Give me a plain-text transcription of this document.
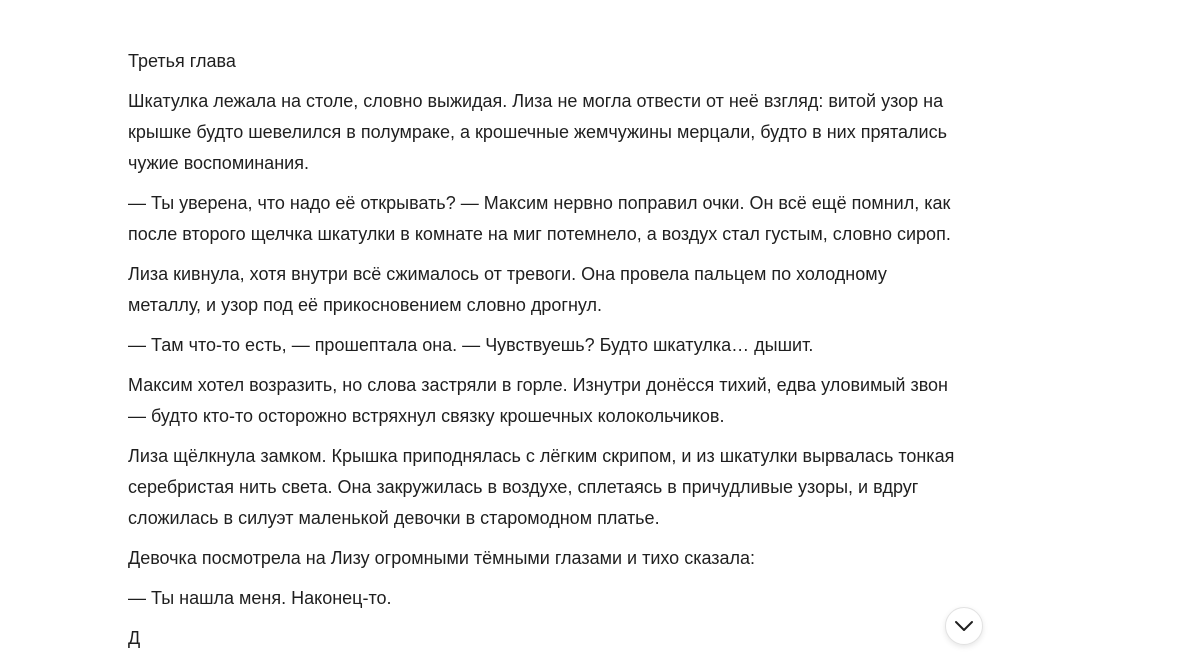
Третья глава

Шкатулка лежала на столе, словно выжидая. Лиза не могла отвести от неё взгляд: витой узор на крышке будто шевелился в полумраке, а крошечные жемчужины мерцали, будто в них прятались чужие воспоминания.

— Ты уверена, что надо её открывать? — Максим нервно поправил очки. Он всё ещё помнил, как после второго щелчка шкатулки в комнате на миг потемнело, а воздух стал густым, словно сироп.

Лиза кивнула, хотя внутри всё сжималось от тревоги. Она провела пальцем по холодному металлу, и узор под её прикосновением словно дрогнул.

— Там что-то есть, — прошептала она. — Чувствуешь? Будто шкатулка… дышит.

Максим хотел возразить, но слова застряли в горле. Изнутри донёсся тихий, едва уловимый звон — будто кто-то осторожно встряхнул связку крошечных колокольчиков.

Лиза щёлкнула замком. Крышка приподнялась с лёгким скрипом, и из шкатулки вырвалась тонкая серебристая нить света. Она закружилась в воздухе, сплетаясь в причудливые узоры, и вдруг сложилась в силуэт маленькой девочки в старомодном платье.

Девочка посмотрела на Лизу огромными тёмными глазами и тихо сказала:

— Ты нашла меня. Наконец-то.

Д
